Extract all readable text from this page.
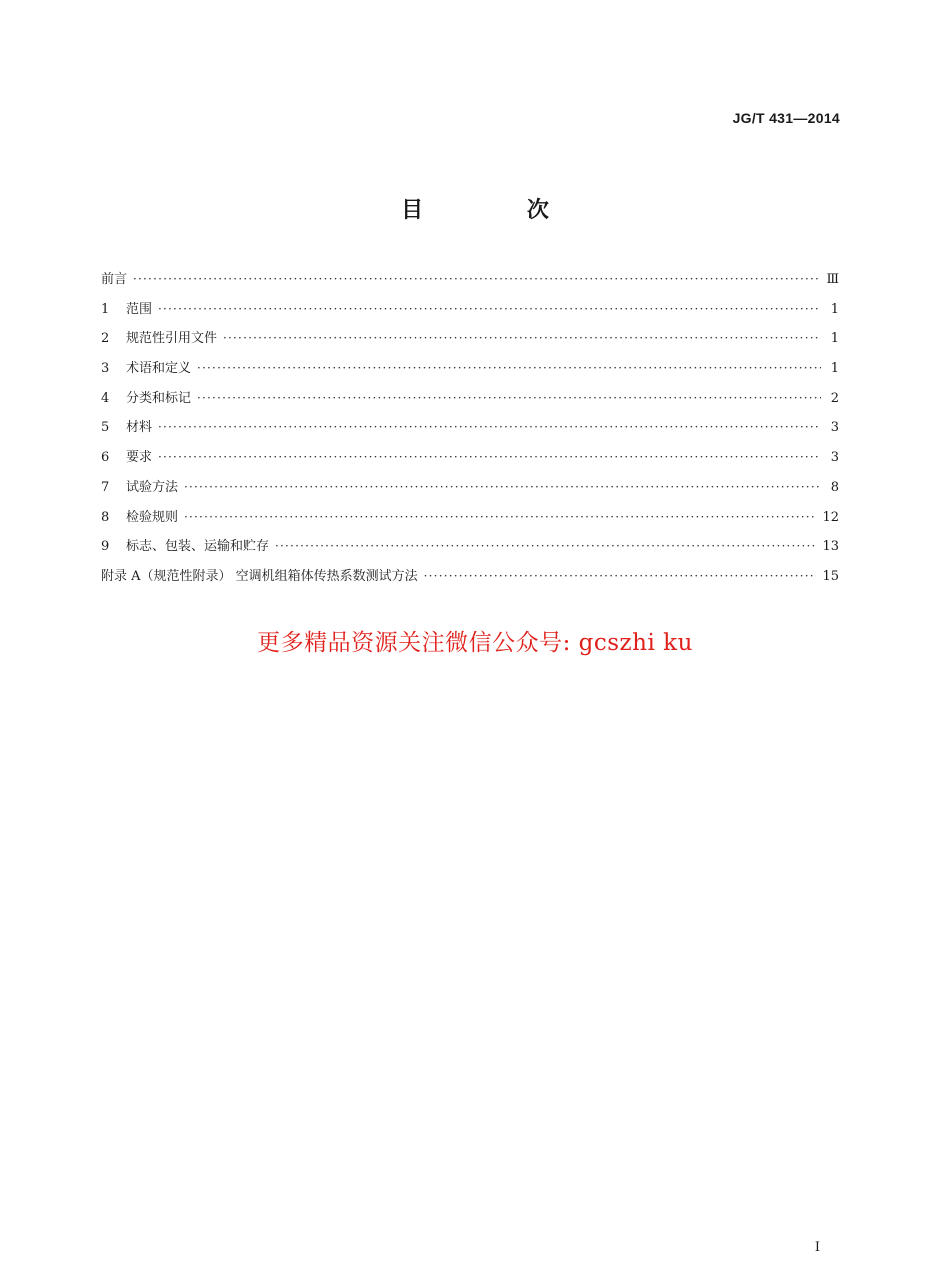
JG/T 431—2014
目 次
前言 ·····	Ⅲ
1	范围 ·····	1
2	规范性引用文件 ·····	1
3	术语和定义 ·····	1
4	分类和标记 ·····	2
5	材料 ·····	3
6	要求 ·····	3
7	试验方法 ·····	8
8	检验规则 ·····	12
9	标志、包装、运输和贮存 ·····	13
附录 A（规范性附录） 空调机组箱体传热系数测试方法 ·····	15
更多精品资源关注微信公众号: gcszhi ku
I
